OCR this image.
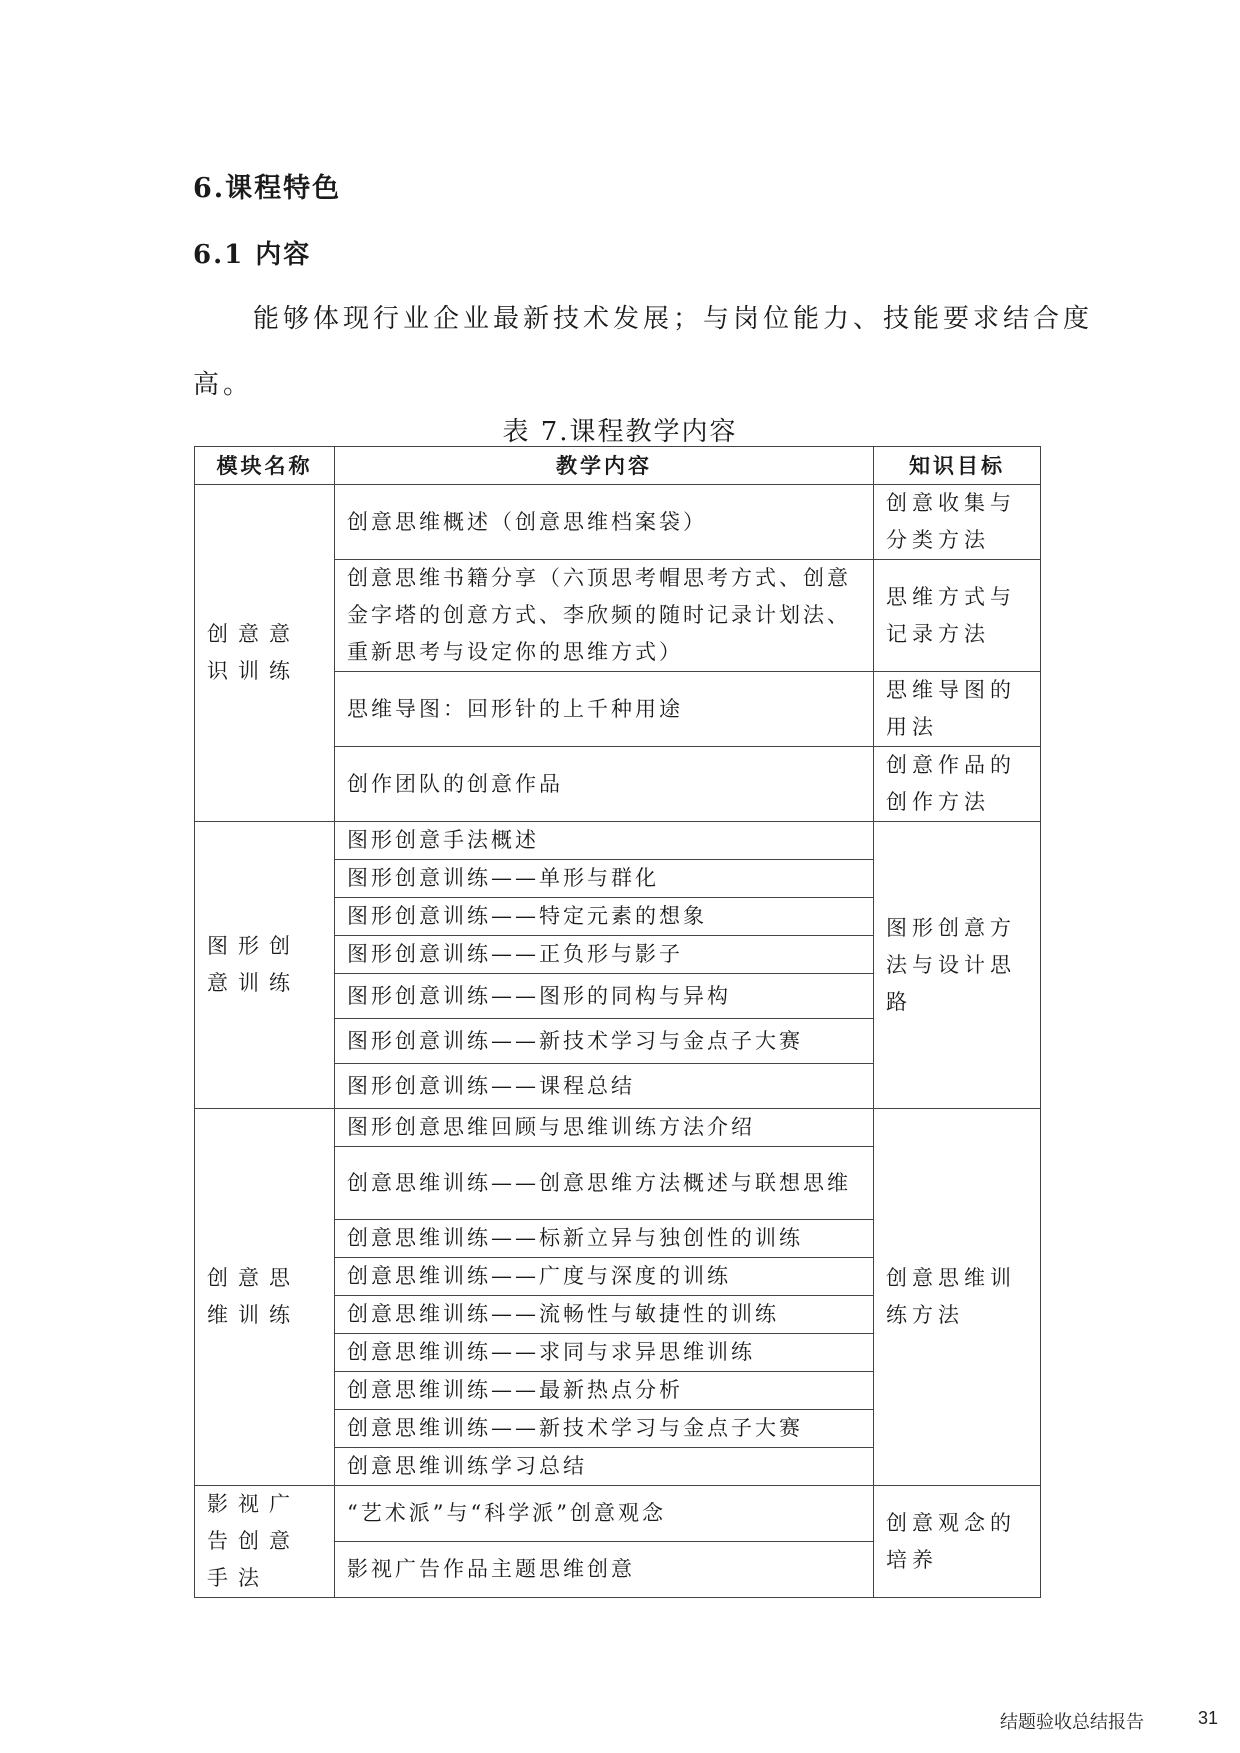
6.课程特色
6.1 内容
能够体现行业企业最新技术发展；与岗位能力、技能要求结合度
高。
表 7.课程教学内容
模块名称	教学内容	知识目标
创意意识训练	创意思维概述（创意思维档案袋）	创意收集与分类方法
	创意思维书籍分享（六顶思考帽思考方式、创意金字塔的创意方式、李欣频的随时记录计划法、重新思考与设定你的思维方式）	思维方式与记录方法
	思维导图：回形针的上千种用途	思维导图的用法
	创作团队的创意作品	创意作品的创作方法
图形创意训练	图形创意手法概述	图形创意方法与设计思路
	图形创意训练——单形与群化	
	图形创意训练——特定元素的想象	
	图形创意训练——正负形与影子	
	图形创意训练——图形的同构与异构	
	图形创意训练——新技术学习与金点子大赛	
	图形创意训练——课程总结	
创意思维训练	图形创意思维回顾与思维训练方法介绍	创意思维训练方法
	创意思维训练——创意思维方法概述与联想思维	
	创意思维训练——标新立异与独创性的训练	
	创意思维训练——广度与深度的训练	
	创意思维训练——流畅性与敏捷性的训练	
	创意思维训练——求同与求异思维训练	
	创意思维训练——最新热点分析	
	创意思维训练——新技术学习与金点子大赛	
	创意思维训练学习总结	
影视广告创意手法	“艺术派”与“科学派”创意观念	创意观念的培养
	影视广告作品主题思维创意	
结题验收总结报告	31
